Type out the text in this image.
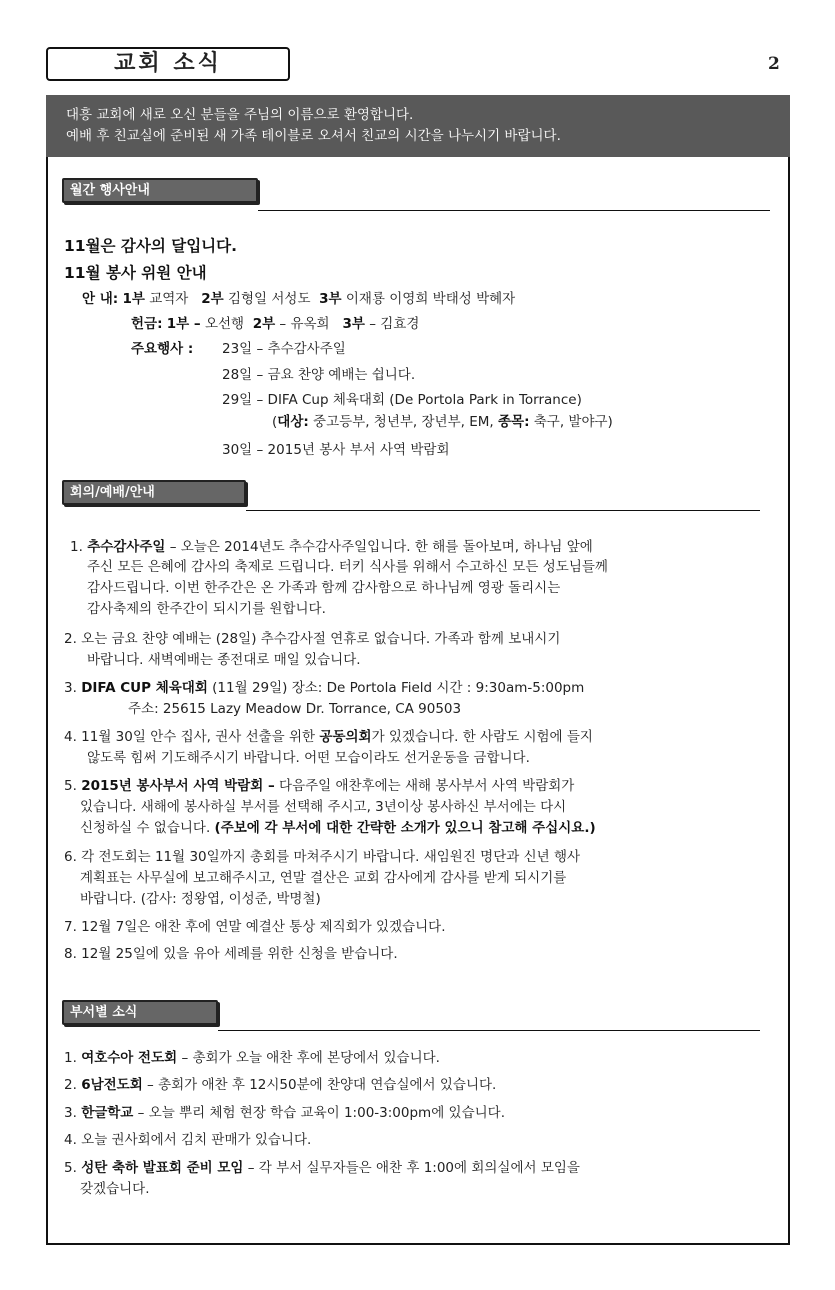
교회 소식	2
대흥 교회에 새로 오신 분들을 주님의 이름으로 환영합니다.
예배 후 친교실에 준비된 새 가족 테이블로 오셔서 친교의 시간을 나누시기 바랍니다.
월간 행사안내
11월은 감사의 달입니다.
11월 봉사 위원 안내
안 내: 1부 교역자 2부 김형일 서성도 3부 이재룡 이영희 박태성 박혜자
헌금: 1부 – 오선행 2부 – 유옥희 3부 – 김효경
주요행사 : 23일 – 추수감사주일
28일 – 금요 찬양 예배는 쉽니다.
29일 – DIFA Cup 체육대회 (De Portola Park in Torrance)
(대상: 중고등부, 청년부, 장년부, EM, 종목: 축구, 발야구)
30일 – 2015년 봉사 부서 사역 박람회
회의/예배/안내
1. 추수감사주일 – 오늘은 2014년도 추수감사주일입니다. 한 해를 돌아보며, 하나님 앞에
주신 모든 은혜에 감사의 축제로 드립니다. 터키 식사를 위해서 수고하신 모든 성도님들께
감사드립니다. 이번 한주간은 온 가족과 함께 감사함으로 하나님께 영광 돌리시는
감사축제의 한주간이 되시기를 원합니다.
2. 오는 금요 찬양 예배는 (28일) 추수감사절 연휴로 없습니다. 가족과 함께 보내시기
바랍니다. 새벽예배는 종전대로 매일 있습니다.
3. DIFA CUP 체육대회 (11월 29일) 장소: De Portola Field 시간 : 9:30am-5:00pm
주소: 25615 Lazy Meadow Dr. Torrance, CA 90503
4. 11월 30일 안수 집사, 권사 선출을 위한 공동의회가 있겠습니다. 한 사람도 시험에 들지
않도록 힘써 기도해주시기 바랍니다. 어떤 모습이라도 선거운동을 금합니다.
5. 2015년 봉사부서 사역 박람회 – 다음주일 애찬후에는 새해 봉사부서 사역 박람회가
있습니다. 새해에 봉사하실 부서를 선택해 주시고, 3년이상 봉사하신 부서에는 다시
신청하실 수 없습니다. (주보에 각 부서에 대한 간략한 소개가 있으니 참고해 주십시요.)
6. 각 전도회는 11월 30일까지 총회를 마쳐주시기 바랍니다. 새임원진 명단과 신년 행사
계획표는 사무실에 보고해주시고, 연말 결산은 교회 감사에게 감사를 받게 되시기를
바랍니다. (감사: 정왕엽, 이성준, 박명철)
7. 12월 7일은 애찬 후에 연말 예결산 통상 제직회가 있겠습니다.
8. 12월 25일에 있을 유아 세례를 위한 신청을 받습니다.
부서별 소식
1. 여호수아 전도회 – 총회가 오늘 애찬 후에 본당에서 있습니다.
2. 6남전도회 – 총회가 애찬 후 12시50분에 찬양대 연습실에서 있습니다.
3. 한글학교 – 오늘 뿌리 체험 현장 학습 교육이 1:00-3:00pm에 있습니다.
4. 오늘 권사회에서 김치 판매가 있습니다.
5. 성탄 축하 발표회 준비 모임 – 각 부서 실무자들은 애찬 후 1:00에 회의실에서 모임을
갖겠습니다.
